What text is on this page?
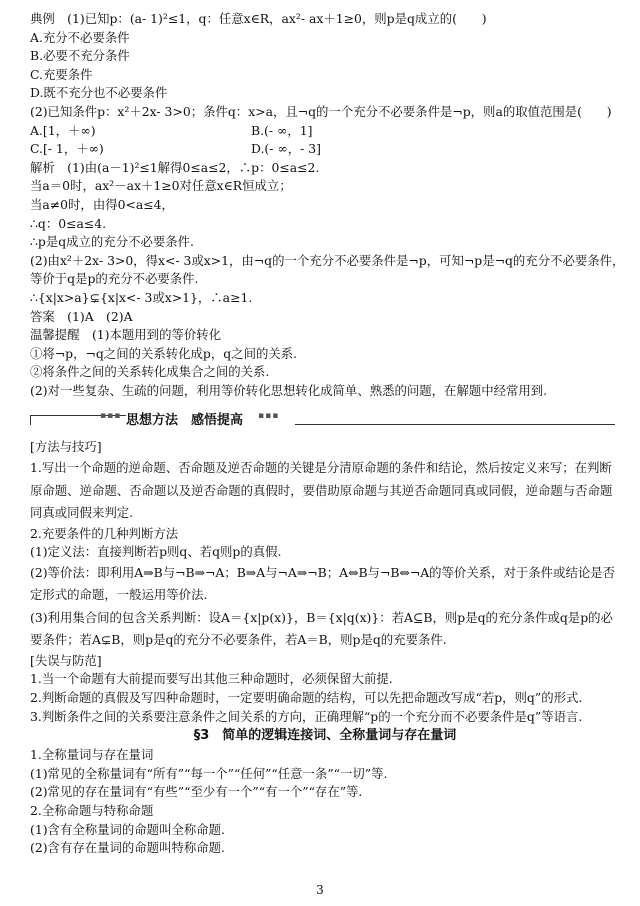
典例　(1)已知p：(a- 1)²≤1，q：任意x∈R，ax²- ax＋1≥0，则p是q成立的(　　)
A.充分不必要条件
B.必要不充分条件
C.充要条件
D.既不充分也不必要条件
(2)已知条件p：x²＋2x- 3>0；条件q：x>a，且¬q的一个充分不必要条件是¬p，则a的取值范围是(　　)
A.[1，＋∞)	B.(- ∞，1]
C.[- 1，＋∞)	D.(- ∞，- 3]
解析　(1)由(a－1)²≤1解得0≤a≤2，∴p：0≤a≤2.
当a＝0时，ax²－ax＋1≥0对任意x∈R恒成立；
当a≠0时，由得0<a≤4，
∴q：0≤a≤4.
∴p是q成立的充分不必要条件.
(2)由x²＋2x- 3>0，得x<- 3或x>1，由¬q的一个充分不必要条件是¬p，可知¬p是¬q的充分不必要条件，
等价于q是p的充分不必要条件.
∴{x|x>a}⊊{x|x<- 3或x>1}，∴a≥1.
答案　(1)A　(2)A
温馨提醒　(1)本题用到的等价转化
①将¬p，¬q之间的关系转化成p，q之间的关系.
②将条件之间的关系转化成集合之间的关系.
(2)对一些复杂、生疏的问题，利用等价转化思想转化成简单、熟悉的问题，在解题中经常用到.
▪▪▪ 思想方法　感悟提高 ▪▪▪
[方法与技巧]
1.写出一个命题的逆命题、否命题及逆否命题的关键是分清原命题的条件和结论，然后按定义来写；在判断原命题、逆命题、否命题以及逆否命题的真假时，要借助原命题与其逆否命题同真或同假，逆命题与否命题同真或同假来判定.
2.充要条件的几种判断方法
(1)定义法：直接判断若p则q、若q则p的真假.
(2)等价法：即利用A⇒B与¬B⇒¬A；B⇒A与¬A⇒¬B；A⇔B与¬B⇔¬A的等价关系，对于条件或结论是否定形式的命题，一般运用等价法.
(3)利用集合间的包含关系判断：设A＝{x|p(x)}，B＝{x|q(x)}：若A⊆B，则p是q的充分条件或q是p的必要条件；若A⊊B，则p是q的充分不必要条件，若A＝B，则p是q的充要条件.
[失误与防范]
1.当一个命题有大前提而要写出其他三种命题时，必须保留大前提.
2.判断命题的真假及写四种命题时，一定要明确命题的结构，可以先把命题改写成“若p，则q”的形式.
3.判断条件之间的关系要注意条件之间关系的方向，正确理解“p的一个充分而不必要条件是q”等语言.
§3　简单的逻辑连接词、全称量词与存在量词
1.全称量词与存在量词
(1)常见的全称量词有“所有”“每一个”“任何”“任意一条”“一切”等.
(2)常见的存在量词有“有些”“至少有一个”“有一个”“存在”等.
2.全称命题与特称命题
(1)含有全称量词的命题叫全称命题.
(2)含有存在量词的命题叫特称命题.
3
